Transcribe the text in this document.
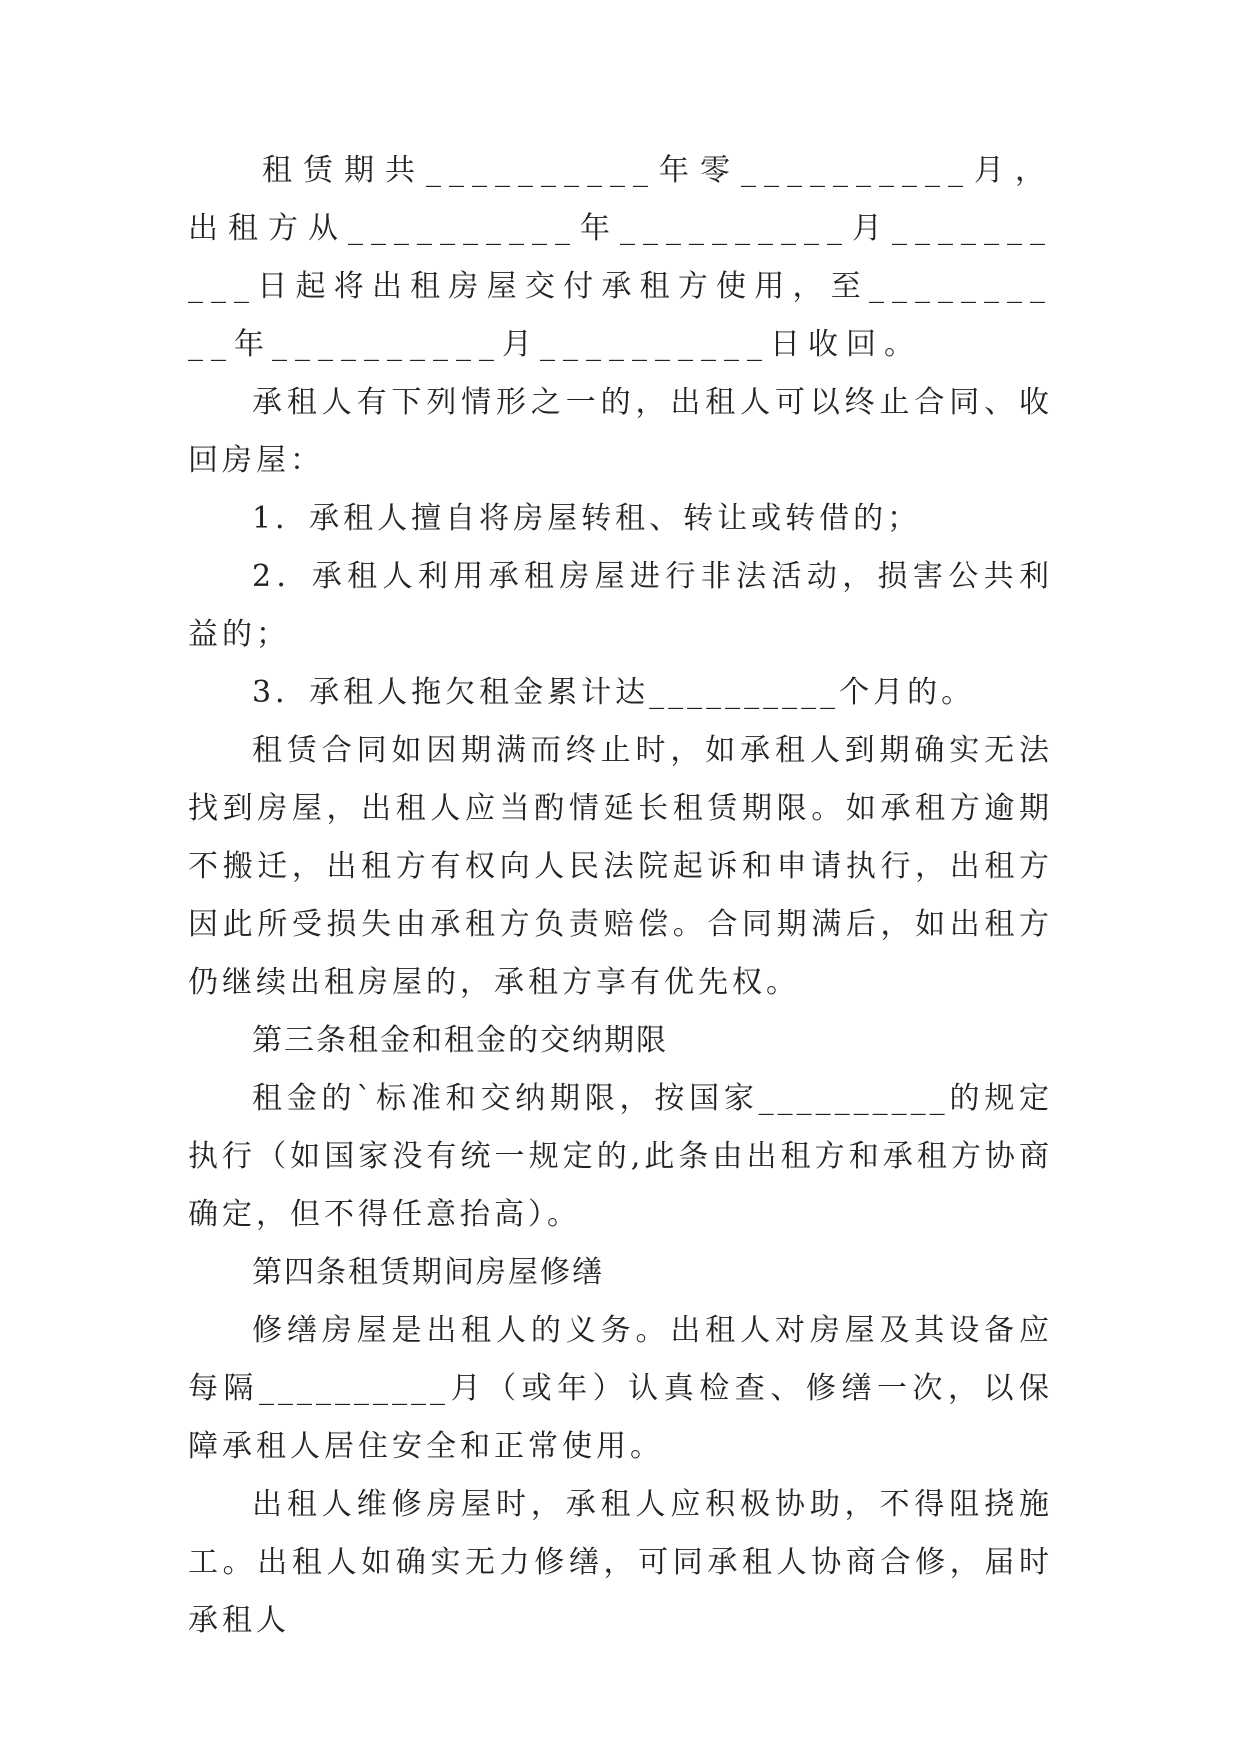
租赁期共__________年零__________月，出租方从__________年__________月__________日起将出租房屋交付承租方使用，至__________年__________月__________日收回。

承租人有下列情形之一的，出租人可以终止合同、收回房屋：

1．承租人擅自将房屋转租、转让或转借的；

2．承租人利用承租房屋进行非法活动，损害公共利益的；

3．承租人拖欠租金累计达__________个月的。

租赁合同如因期满而终止时，如承租人到期确实无法找到房屋，出租人应当酌情延长租赁期限。如承租方逾期不搬迁，出租方有权向人民法院起诉和申请执行，出租方因此所受损失由承租方负责赔偿。合同期满后，如出租方仍继续出租房屋的，承租方享有优先权。

第三条租金和租金的交纳期限

租金的`标准和交纳期限，按国家__________的规定执行（如国家没有统一规定的,此条由出租方和承租方协商确定，但不得任意抬高）。

第四条租赁期间房屋修缮

修缮房屋是出租人的义务。出租人对房屋及其设备应每隔__________月（或年）认真检查、修缮一次，以保障承租人居住安全和正常使用。

出租人维修房屋时，承租人应积极协助，不得阻挠施工。出租人如确实无力修缮，可同承租人协商合修，届时承租人
